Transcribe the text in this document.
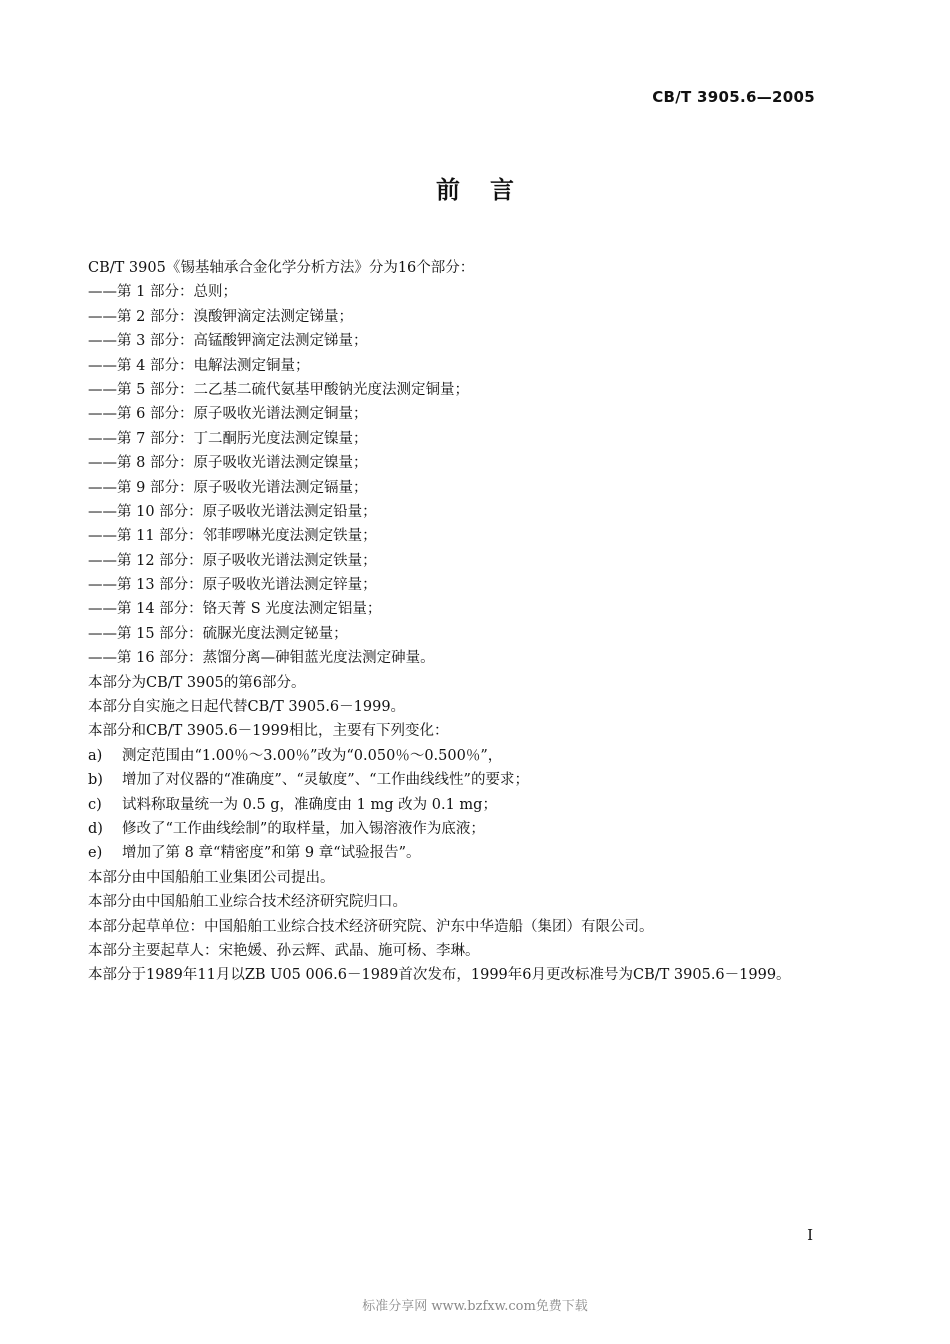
CB/T 3905.6—2005
前言
CB/T 3905《锡基轴承合金化学分析方法》分为16个部分：
——第 1 部分：总则；
——第 2 部分：溴酸钾滴定法测定锑量；
——第 3 部分：高锰酸钾滴定法测定锑量；
——第 4 部分：电解法测定铜量；
——第 5 部分：二乙基二硫代氨基甲酸钠光度法测定铜量；
——第 6 部分：原子吸收光谱法测定铜量；
——第 7 部分：丁二酮肟光度法测定镍量；
——第 8 部分：原子吸收光谱法测定镍量；
——第 9 部分：原子吸收光谱法测定镉量；
——第 10 部分：原子吸收光谱法测定铅量；
——第 11 部分：邻菲啰啉光度法测定铁量；
——第 12 部分：原子吸收光谱法测定铁量；
——第 13 部分：原子吸收光谱法测定锌量；
——第 14 部分：铬天菁 S 光度法测定铝量；
——第 15 部分：硫脲光度法测定铋量；
——第 16 部分：蒸馏分离—砷钼蓝光度法测定砷量。
本部分为CB/T 3905的第6部分。
本部分自实施之日起代替CB/T 3905.6－1999。
本部分和CB/T 3905.6－1999相比，主要有下列变化：
a)	测定范围由“1.00％～3.00％”改为“0.050％～0.500％”，
b)	增加了对仪器的“准确度”、“灵敏度”、“工作曲线线性”的要求；
c)	试料称取量统一为 0.5 g，准确度由 1 mg 改为 0.1 mg；
d)	修改了“工作曲线绘制”的取样量，加入锡溶液作为底液；
e)	增加了第 8 章“精密度”和第 9 章“试验报告”。
本部分由中国船舶工业集团公司提出。
本部分由中国船舶工业综合技术经济研究院归口。
本部分起草单位：中国船舶工业综合技术经济研究院、沪东中华造船（集团）有限公司。
本部分主要起草人：宋艳媛、孙云辉、武晶、施可杨、李琳。
本部分于1989年11月以ZB U05 006.6－1989首次发布，1999年6月更改标准号为CB/T 3905.6－1999。
I
标准分享网 www.bzfxw.com免费下载
